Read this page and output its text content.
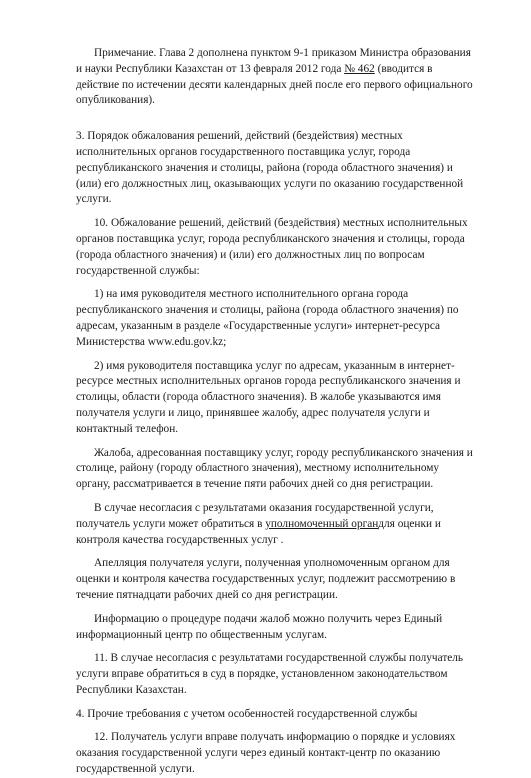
Примечание. Глава 2 дополнена пунктом 9-1 приказом Министра образования и науки Республики Казахстан от 13 февраля 2012 года № 462 (вводится в действие по истечении десяти календарных дней после его первого официального опубликования).

3. Порядок обжалования решений, действий (бездействия) местных исполнительных органов государственного поставщика услуг, города республиканского значения и столицы, района (города областного значения) и (или) его должностных лиц, оказывающих услуги по оказанию государственной услуги.

10. Обжалование решений, действий (бездействия) местных исполнительных органов поставщика услуг, города республиканского значения и столицы, города (города областного значения) и (или) его должностных лиц по вопросам государственной службы:

1) на имя руководителя местного исполнительного органа города республиканского значения и столицы, района (города областного значения) по адресам, указанным в разделе «Государственные услуги» интернет-ресурса Министерства www.edu.gov.kz;

2) имя руководителя поставщика услуг по адресам, указанным в интернет-ресурсе местных исполнительных органов города республиканского значения и столицы, области (города областного значения). В жалобе указываются имя получателя услуги и лицо, принявшее жалобу, адрес получателя услуги и контактный телефон.

Жалоба, адресованная поставщику услуг, городу республиканского значения и столице, району (городу областного значения), местному исполнительному органу, рассматривается в течение пяти рабочих дней со дня регистрации.

В случае несогласия с результатами оказания государственной услуги, получатель услуги может обратиться в уполномоченный органдля оценки и контроля качества государственных услуг .

Апелляция получателя услуги, полученная уполномоченным органом для оценки и контроля качества государственных услуг, подлежит рассмотрению в течение пятнадцати рабочих дней со дня регистрации.

Информацию о процедуре подачи жалоб можно получить через Единый информационный центр по общественным услугам.

11. В случае несогласия с результатами государственной службы получатель услуги вправе обратиться в суд в порядке, установленном законодательством Республики Казахстан.

4. Прочие требования с учетом особенностей государственной службы

12. Получатель услуги вправе получать информацию о порядке и условиях оказания государственной услуги через единый контакт-центр по оказанию государственной услуги.
